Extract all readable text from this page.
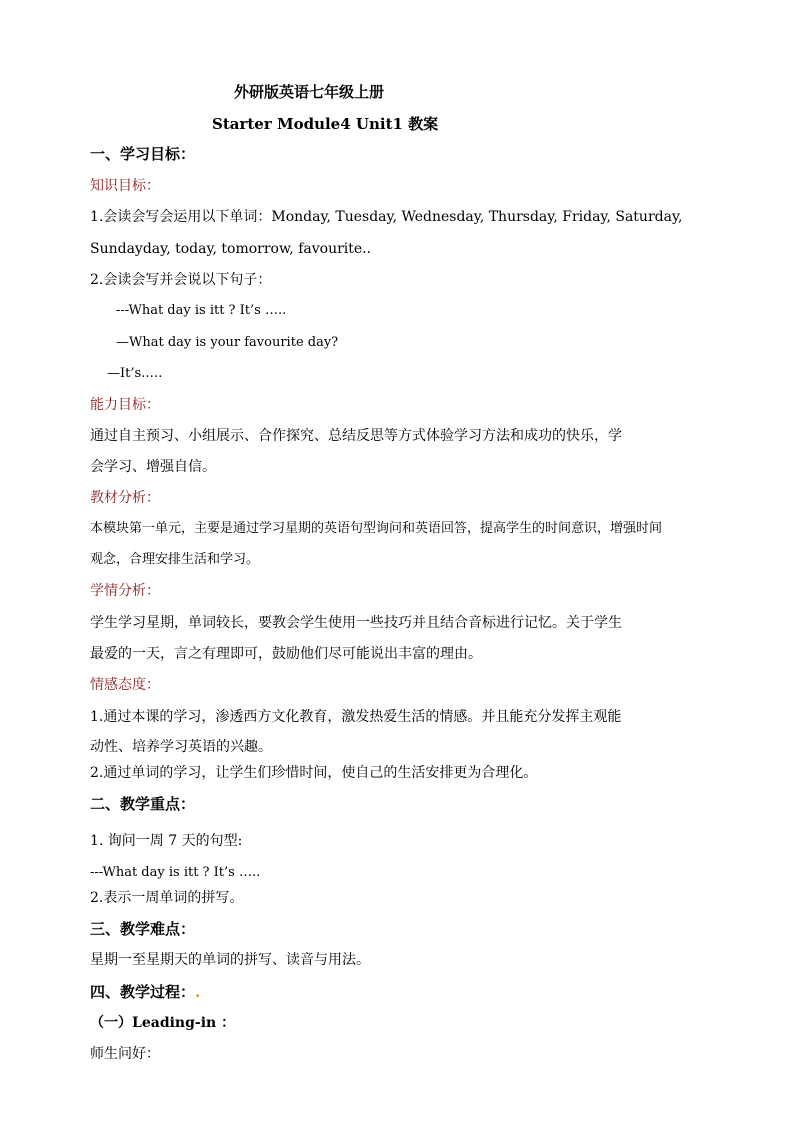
外研版英语七年级上册

Starter Module4 Unit1 教案

一、学习目标：

知识目标：

1.会读会写会运用以下单词：Monday, Tuesday, Wednesday, Thursday, Friday, Saturday,

Sundayday, today, tomorrow, favourite..

2.会读会写并会说以下句子：

---What day is itt ? It’s …..

—What day is your favourite day?

—It’s.….

能力目标：

通过自主预习、小组展示、合作探究、总结反思等方式体验学习方法和成功的快乐，学

会学习、增强自信。

教材分析：

本模块第一单元，主要是通过学习星期的英语句型询问和英语回答，提高学生的时间意识，增强时间

观念，合理安排生活和学习。

学情分析：

学生学习星期，单词较长，要教会学生使用一些技巧并且结合音标进行记忆。关于学生

最爱的一天，言之有理即可，鼓励他们尽可能说出丰富的理由。

情感态度：

1.通过本课的学习，渗透西方文化教育，激发热爱生活的情感。并且能充分发挥主观能

动性、培养学习英语的兴趣。

2.通过单词的学习，让学生们珍惜时间，使自己的生活安排更为合理化。

二、教学重点：

1. 询问一周 7 天的句型:

---What day is itt ? It’s …..

2.表示一周单词的拼写。

三、教学难点：

星期一至星期天的单词的拼写、读音与用法。

四、教学过程：.

（一）Leading-in ：

师生问好：
